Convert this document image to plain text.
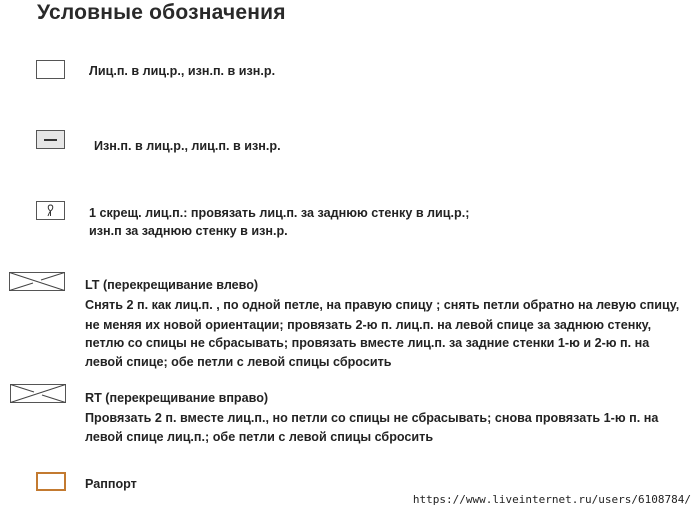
Условные обозначения
Лиц.п. в лиц.р., изн.п. в изн.р.
Изн.п. в лиц.р., лиц.п. в изн.р.
1 скрещ. лиц.п.: провязать лиц.п. за заднюю стенку в лиц.р.;
изн.п за заднюю стенку в изн.р.
LT (перекрещивание влево)
Снять 2 п. как лиц.п. , по одной петле, на правую спицу ; снять петли обратно на левую спицу,
не меняя их новой ориентации; провязать 2-ю п. лиц.п. на левой спице за заднюю стенку,
петлю со спицы не сбрасывать; провязать вместе лиц.п. за задние стенки 1-ю и 2-ю п. на
левой спице; обе петли с левой спицы сбросить
RT (перекрещивание вправо)
Провязать 2 п. вместе лиц.п., но петли со спицы не сбрасывать; снова провязать 1-ю п. на
левой спице лиц.п.; обе петли с левой спицы сбросить
Раппорт
https://www.liveinternet.ru/users/6108784/
